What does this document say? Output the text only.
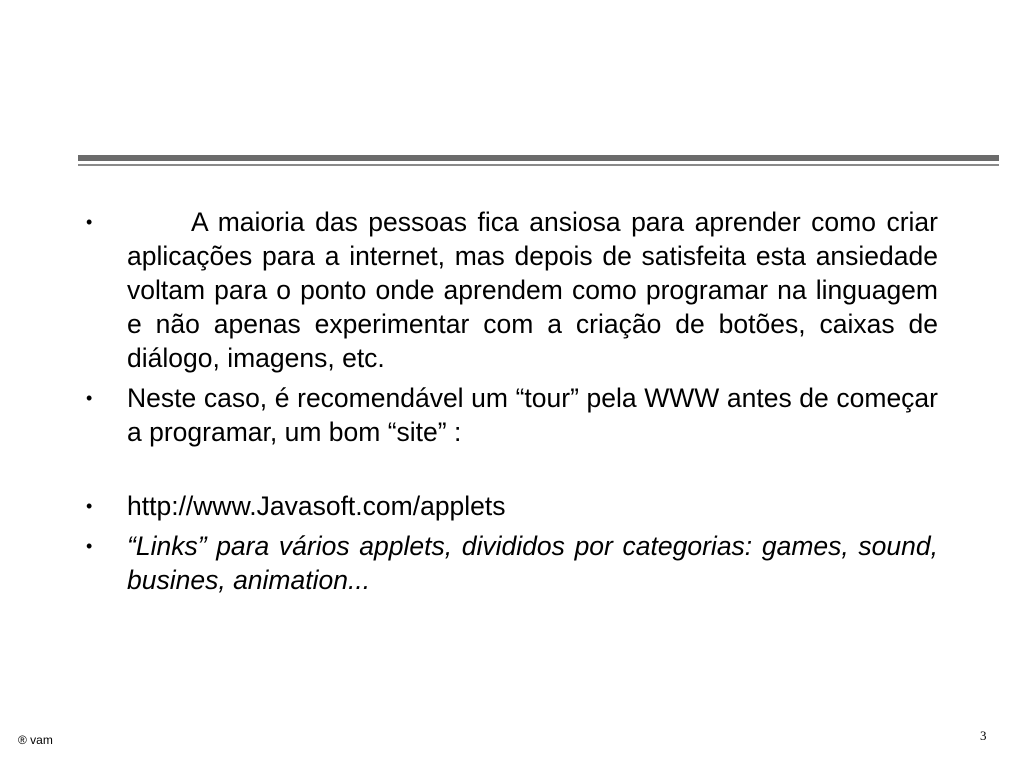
•	A maioria das pessoas fica ansiosa para aprender como criar aplicações para a internet, mas depois de satisfeita esta ansiedade voltam para o ponto onde aprendem como programar na linguagem e não apenas experimentar com a criação de botões, caixas de diálogo, imagens, etc.
• Neste caso, é recomendável um “tour” pela WWW antes de começar a programar, um bom “site” :
• http://www.Javasoft.com/applets
• “Links” para vários applets, divididos por categorias: games, sound, busines, animation...
® vam	3
